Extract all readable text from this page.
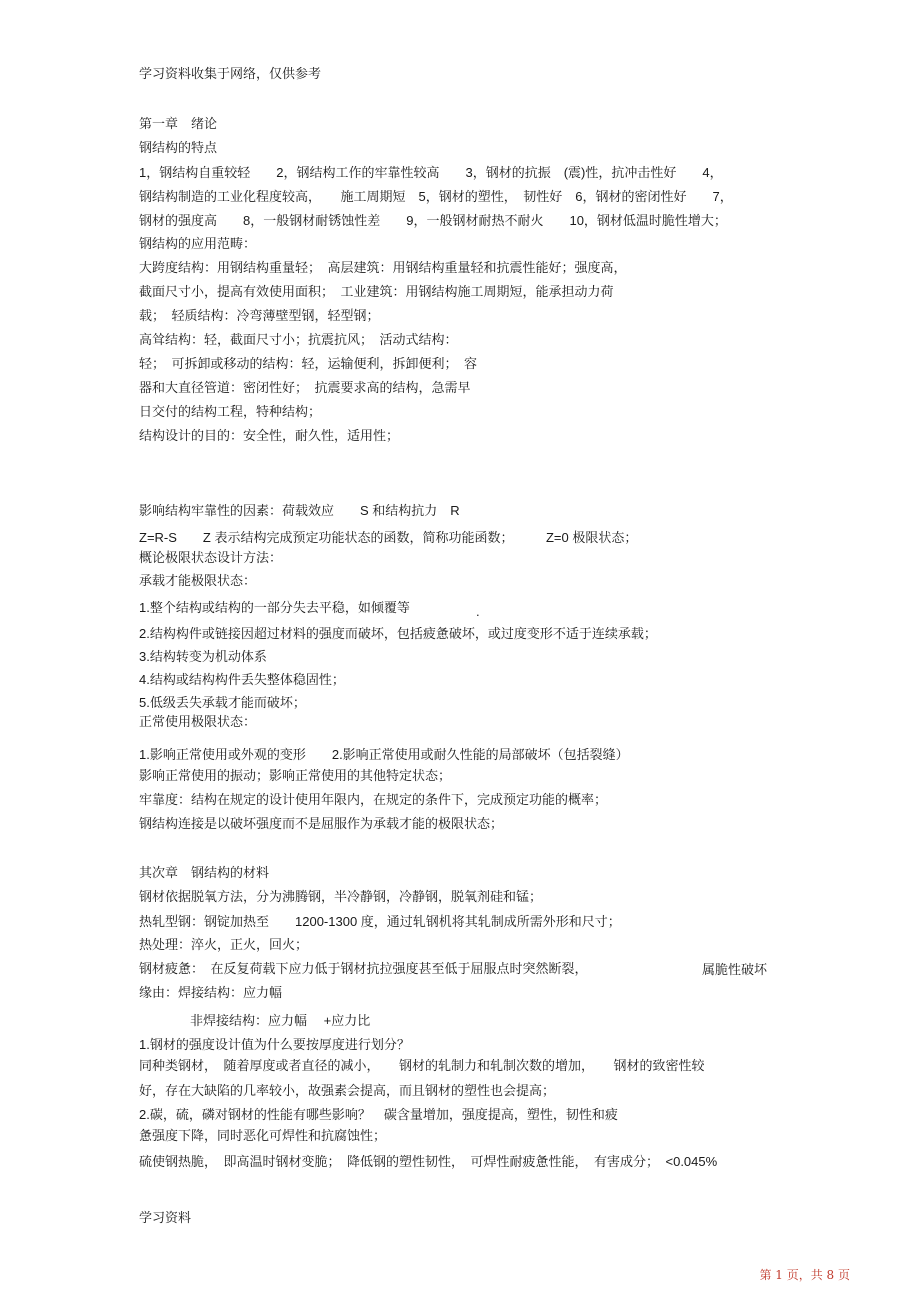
学习资料收集于网络，仅供参考
第一章　绪论
钢结构的特点
1，钢结构自重较轻　　2，钢结构工作的牢靠性较高　　3，钢材的抗振　(震)性，抗冲击性好　　4，
钢结构制造的工业化程度较高，　　施工周期短　5，钢材的塑性，　韧性好　6，钢材的密闭性好　　7，
钢材的强度高　　8，一般钢材耐锈蚀性差　　9，一般钢材耐热不耐火　　10，钢材低温时脆性增大；
钢结构的应用范畴：
大跨度结构：用钢结构重量轻；　高层建筑：用钢结构重量轻和抗震性能好；强度高，
截面尺寸小，提高有效使用面积；　工业建筑：用钢结构施工周期短，能承担动力荷
载；　轻质结构：冷弯薄壁型钢，轻型钢；
高耸结构：轻，截面尺寸小；抗震抗风；　活动式结构：
轻；　可拆卸或移动的结构：轻，运输便利，拆卸便利；　容
器和大直径管道：密闭性好；　抗震要求高的结构，急需早
日交付的结构工程，特种结构；
结构设计的目的：安全性，耐久性，适用性；
影响结构牢靠性的因素：荷载效应　　S 和结构抗力　R
Z=R-S　　Z 表示结构完成预定功能状态的函数，简称功能函数；　　　Z=0 极限状态；
概论极限状态设计方法：
承载才能极限状态：
1.整个结构或结构的一部分失去平稳，如倾覆等	.
2.结构构件或链接因超过材料的强度而破坏，包括疲惫破坏，或过度变形不适于连续承载；
3.结构转变为机动体系
4.结构或结构构件丢失整体稳固性；
5.低级丢失承载才能而破坏；
正常使用极限状态：
1.影响正常使用或外观的变形　　2.影响正常使用或耐久性能的局部破坏（包括裂缝）
影响正常使用的振动；影响正常使用的其他特定状态；
牢靠度：结构在规定的设计使用年限内，在规定的条件下，完成预定功能的概率；
钢结构连接是以破坏强度而不是屈服作为承载才能的极限状态；
其次章　钢结构的材料
钢材依据脱氧方法，分为沸腾钢，半冷静钢，冷静钢，脱氧剂硅和锰；
热轧型钢：钢锭加热至　　1200-1300 度，通过轧钢机将其轧制成所需外形和尺寸；
热处理：淬火，正火，回火；
钢材疲惫：　在反复荷载下应力低于钢材抗拉强度甚至低于屈服点时突然断裂，	属脆性破坏
缘由：焊接结构：应力幅
非焊接结构：应力幅　 +应力比
1.钢材的强度设计值为什么要按厚度进行划分？
同种类钢材，　随着厚度或者直径的减小，　　钢材的轧制力和轧制次数的增加，　　钢材的致密性较
好，存在大缺陷的几率较小，故强素会提高，而且钢材的塑性也会提高；
2.碳，硫，磷对钢材的性能有哪些影响？　碳含量增加，强度提高，塑性，韧性和疲
惫强度下降，同时恶化可焊性和抗腐蚀性；
硫使钢热脆，　即高温时钢材变脆；　降低钢的塑性韧性，　可焊性耐疲惫性能，　有害成分；　<0.045%
学习资料
第 1 页，共 8 页
